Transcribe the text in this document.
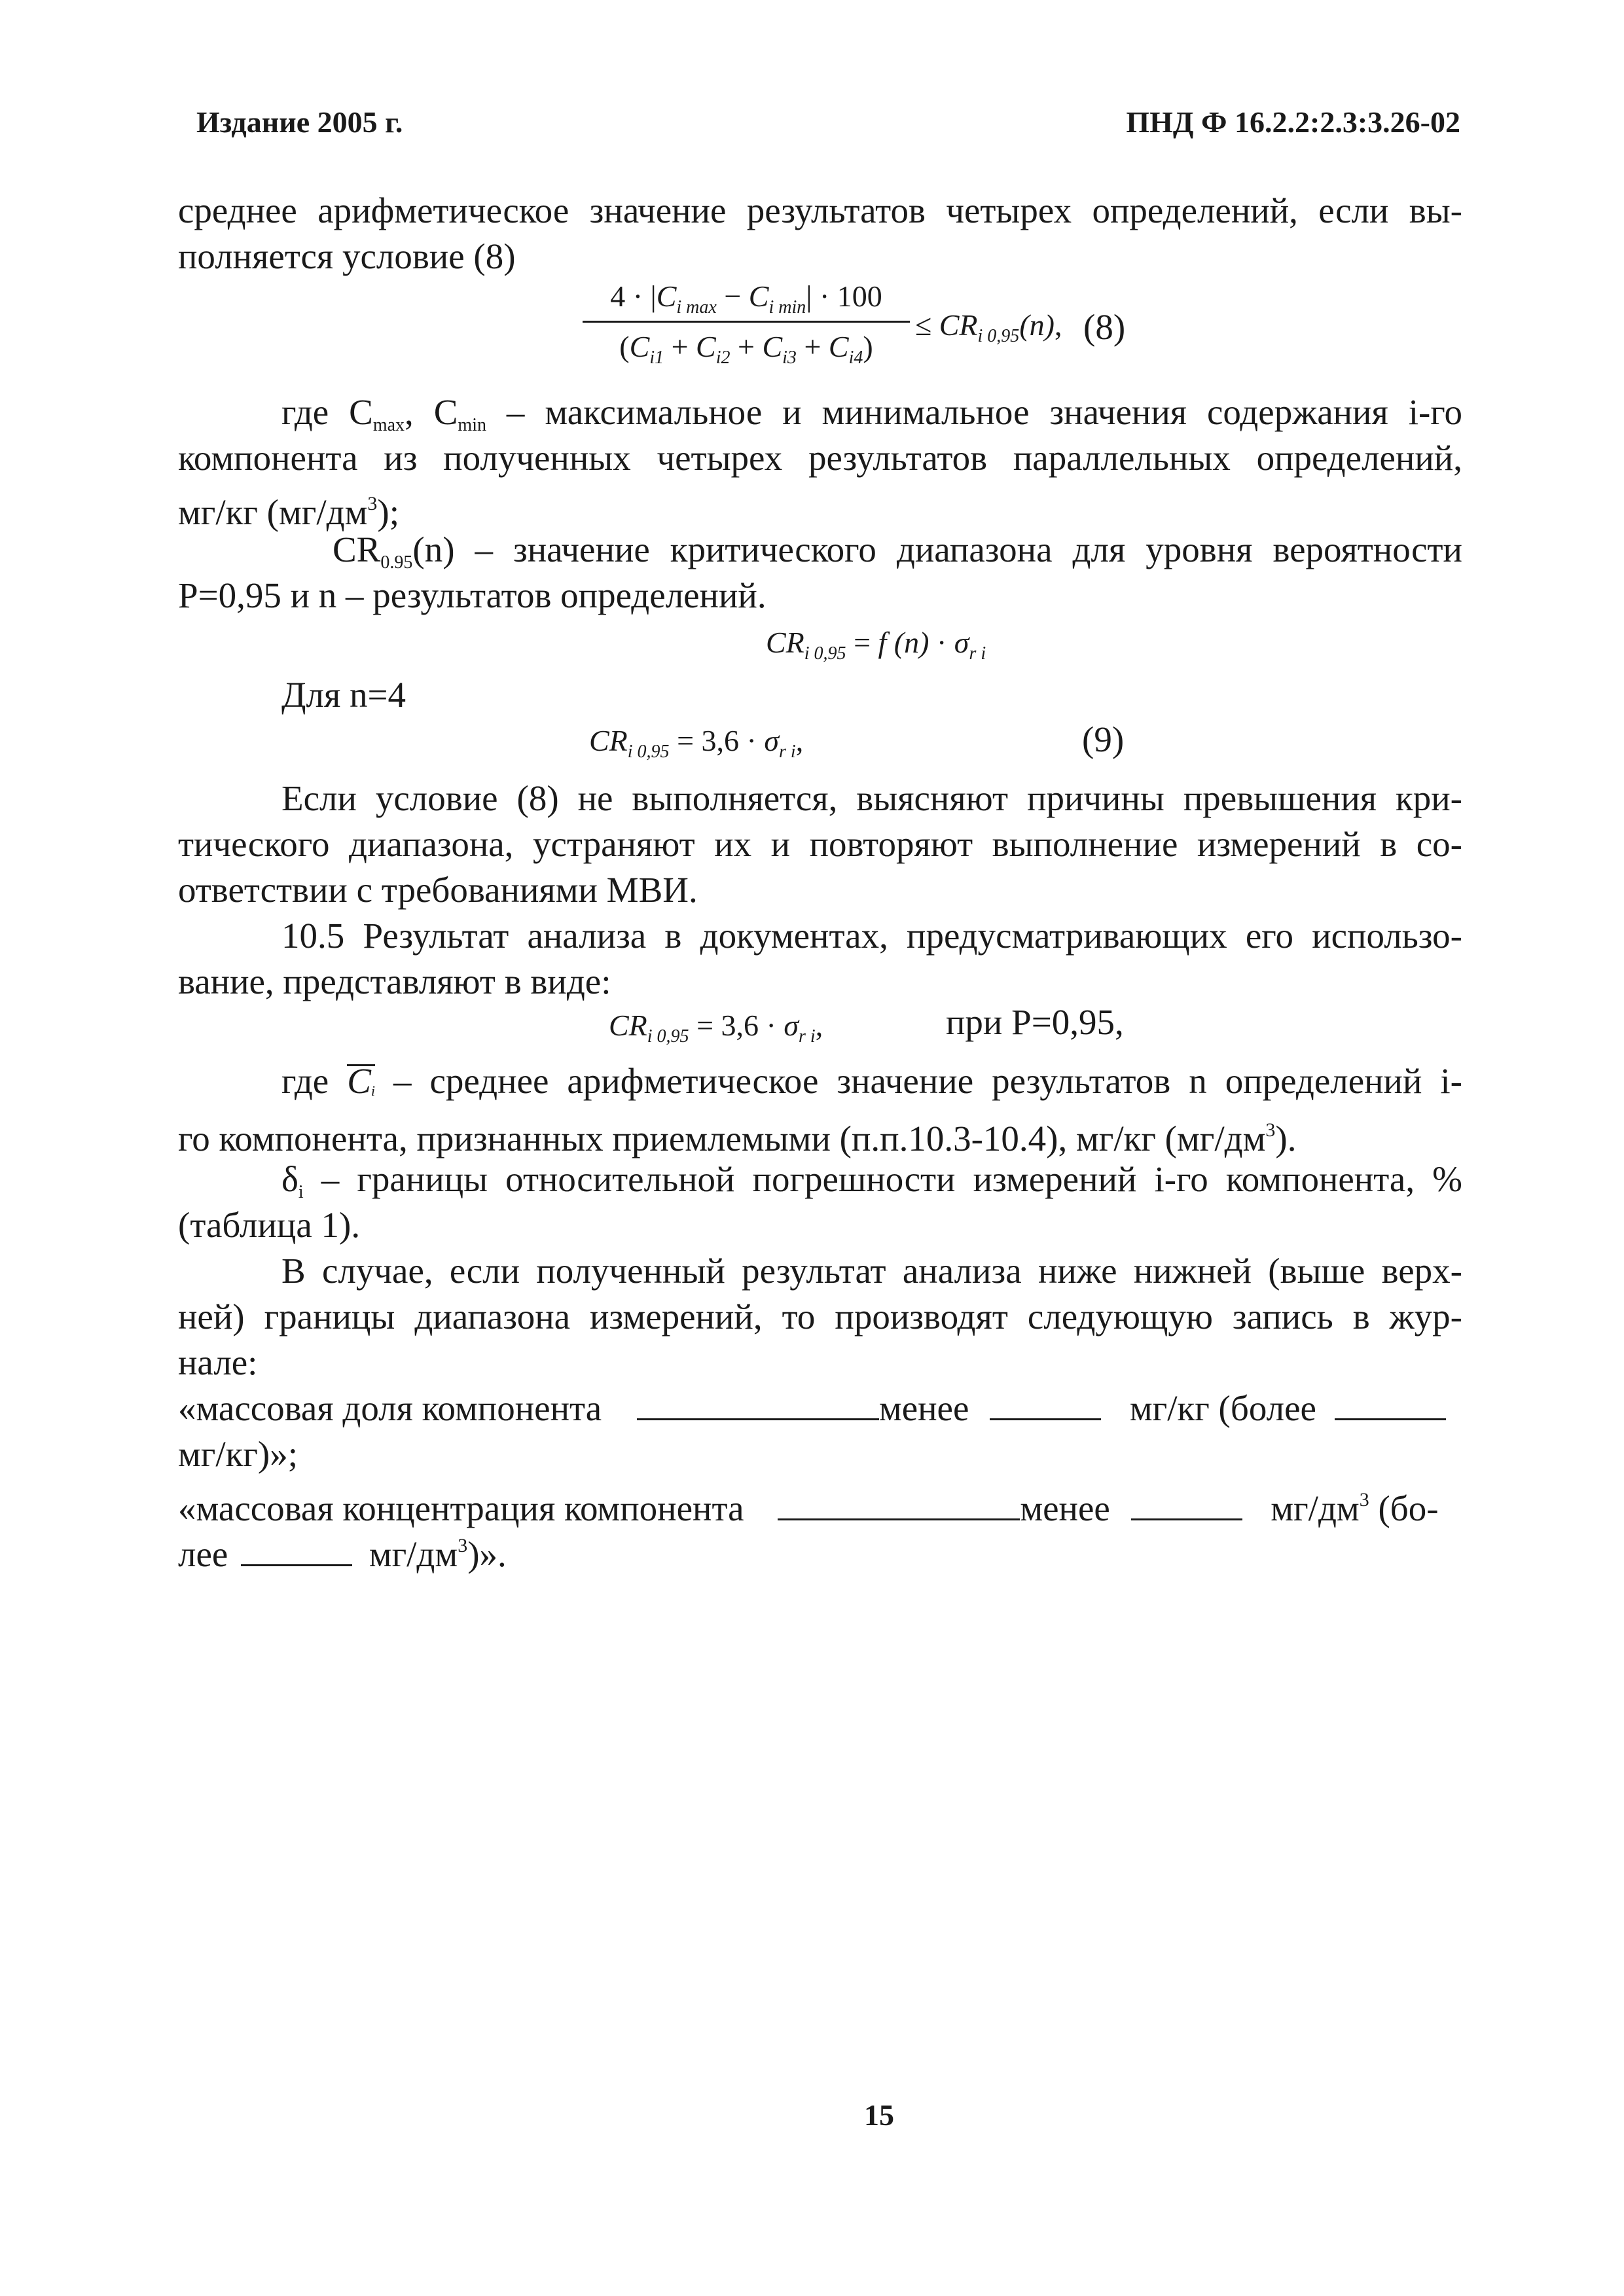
Издание 2005 г.	ПНД Ф 16.2.2:2.3:3.26-02
среднее арифметическое значение результатов четырех определений, если вы-
полняется условие (8)
$4 \cdot |C_{i max} - C_{i min}| \cdot 100$
$(C_{i1} + C_{i2} + C_{i3} + C_{i4})$
≤ $CR_{i 0,95}(n)$, (8)
где $C_{max}$, $C_{min}$ – максимальное и минимальное значения содержания i-го
компонента из полученных четырех результатов параллельных определений,
мг/кг $(мг/дм^3)$;
$CR_{0.95}(n)$ – значение критического диапазона для уровня вероятности
P=0,95 и n – результатов определений.
$CR_{i 0,95} = f$ $(n) \cdot \sigma_{r i}$
Для n=4
$CR_{i 0,95} = 3,6 \cdot \sigma_{r i}$,	(9)
Если условие (8) не выполняется, выясняют причины превышения кри-
тического диапазона, устраняют их и повторяют выполнение измерений в со-
ответствии с требованиями МВИ.
10.5 Результат анализа в документах, предусматривающих его использо-
вание, представляют в виде:
$CR_{i 0,95} = 3,6 \cdot \sigma_{r i}$,	при P=0,95,
где $C_i$ – среднее арифметическое значение результатов n определений i-
го компонента, признанных приемлемыми (п.п.10.3-10.4), мг/кг $(мг/дм^3)$.
$\delta_i$ – границы относительной погрешности измерений i-го компонента, %
(таблица 1).
В случае, если полученный результат анализа ниже нижней (выше верх-
ней) границы диапазона измерений, то производят следующую запись в жур-
нале:
«массовая доля компонента	менее	мг/кг (более
мг/кг)»;
«массовая концентрация компонента	менее	$мг/дм^3$ (бо-
лее	$мг/дм^3$)».
15
